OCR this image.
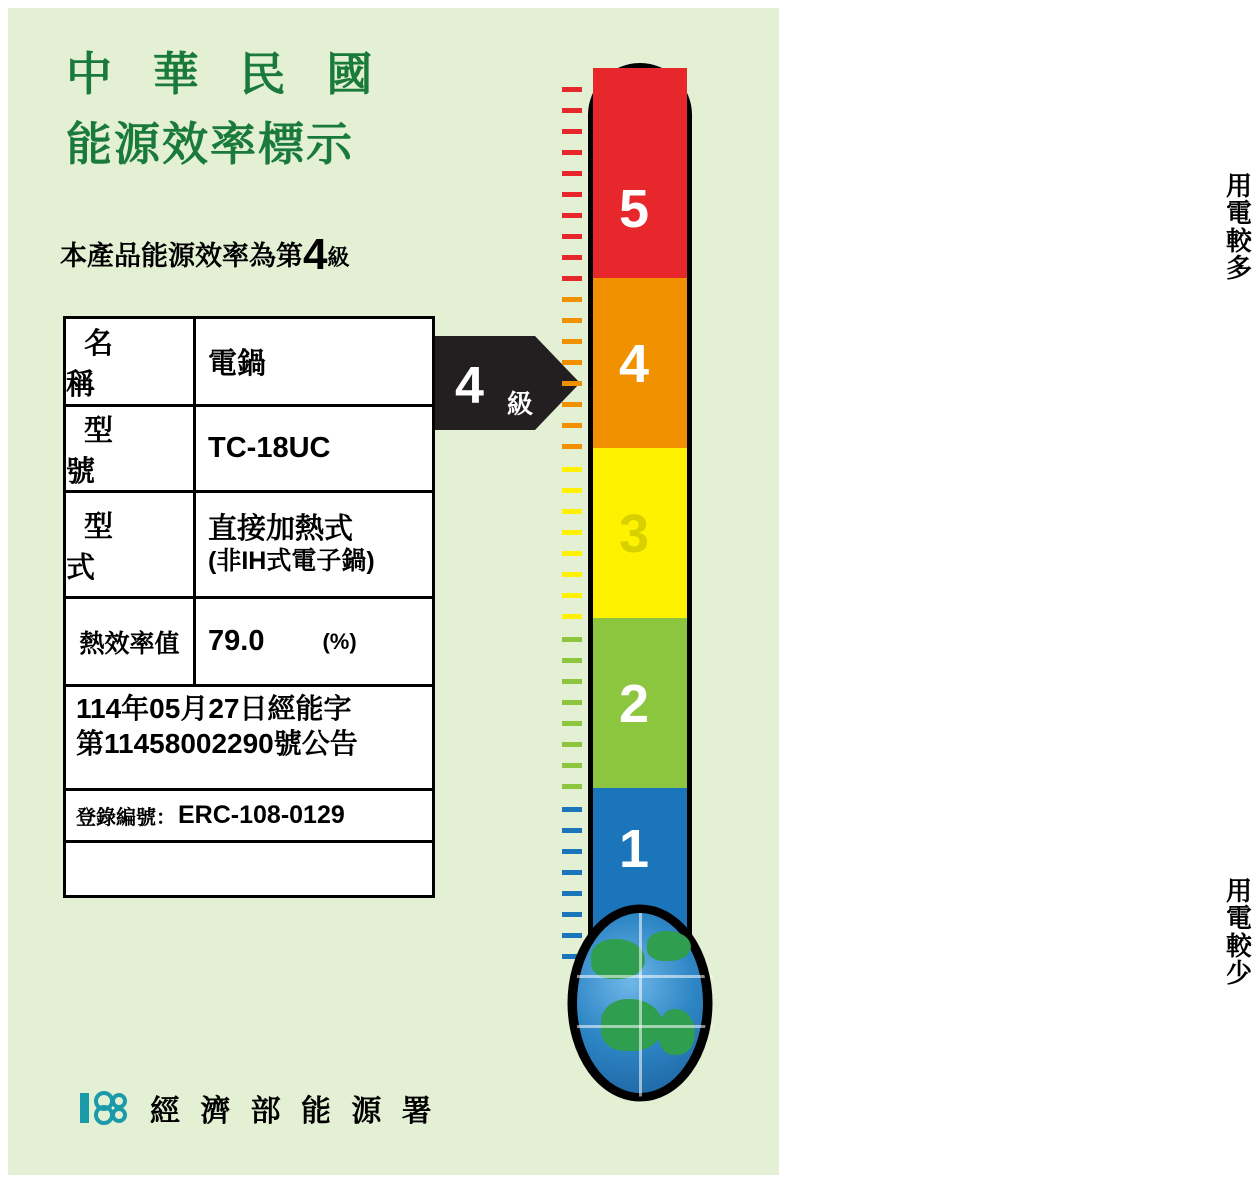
中 華 民 國
能源效率標示
本產品能源效率為第4級
名　稱
電鍋
型　號
TC-18UC
型　式
直接加熱式
(非IH式電子鍋)
熱效率值 79.0	(%)
114年05月27日經能字
第11458002290號公告
登錄編號： ERC-108-0129
4 級
5
4
3
2
1
用電較多
用電較少
經 濟 部 能 源 署
